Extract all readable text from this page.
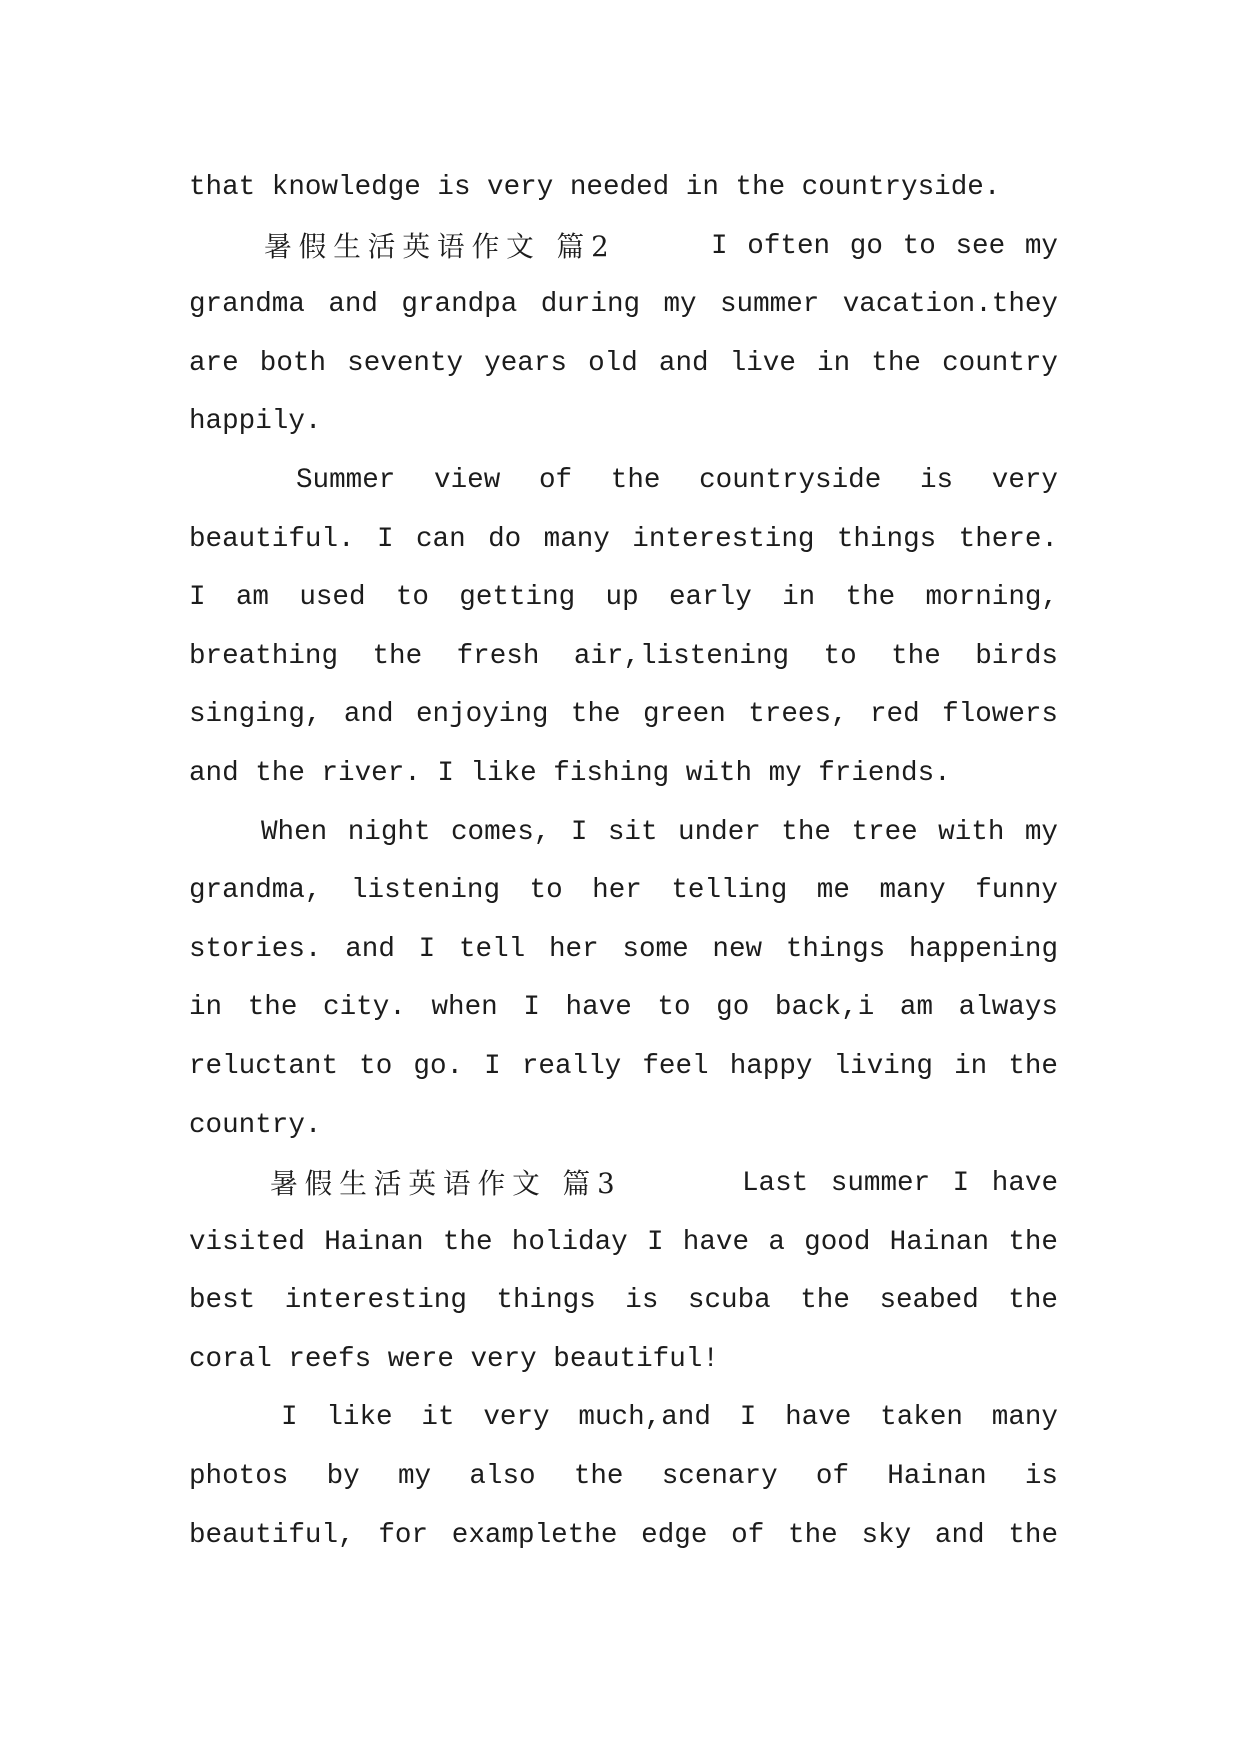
that knowledge is very needed in the countryside.
暑假生活英语作文 篇2	I often go to see my
grandma and grandpa during my summer vacation.they
are both seventy years old and live in the country
happily.
Summer view of the countryside is very
beautiful. I can do many interesting things there.
I am used to getting up early in the morning,
breathing the fresh air,listening to the birds
singing, and enjoying the green trees, red flowers
and the river. I like fishing with my friends.
When night comes, I sit under the tree with my
grandma, listening to her telling me many funny
stories. and I tell her some new things happening
in the city. when I have to go back,i am always
reluctant to go. I really feel happy living in the
country.
暑假生活英语作文 篇3	Last summer I have
visited Hainan the holiday I have a good Hainan the
best interesting things is scuba the seabed the
coral reefs were very beautiful!
I like it very much,and I have taken many
photos by my also the scenary of Hainan is
beautiful, for examplethe edge of the sky and the
